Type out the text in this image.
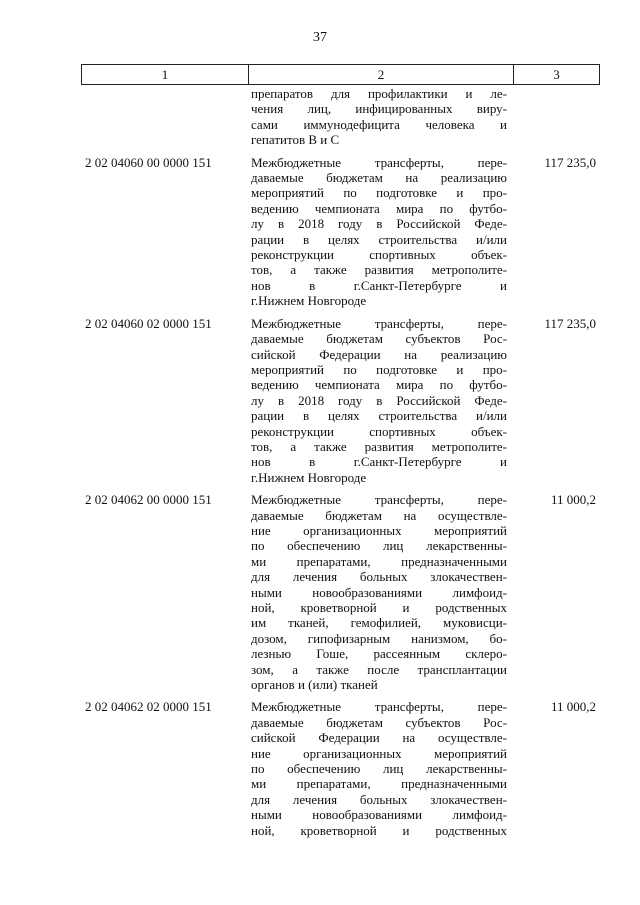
37
1	2	3
препаратов для профилактики и ле-
чения лиц, инфицированных виру-
сами иммунодефицита человека и
гепатитов B и C
2 02 04060 00 0000 151	Межбюджетные трансферты, пере-
даваемые бюджетам на реализацию
мероприятий по подготовке и про-
ведению чемпионата мира по футбо-
лу в 2018 году в Российской Феде-
рации в целях строительства и/или
реконструкции спортивных объек-
тов, а также развития метрополите-
нов в г.Санкт-Петербурге и
г.Нижнем Новгороде
117 235,0
2 02 04060 02 0000 151	Межбюджетные трансферты, пере-
даваемые бюджетам субъектов Рос-
сийской Федерации на реализацию
мероприятий по подготовке и про-
ведению чемпионата мира по футбо-
лу в 2018 году в Российской Феде-
рации в целях строительства и/или
реконструкции спортивных объек-
тов, а также развития метрополите-
нов в г.Санкт-Петербурге и
г.Нижнем Новгороде
117 235,0
2 02 04062 00 0000 151	Межбюджетные трансферты, пере-
даваемые бюджетам на осуществле-
ние организационных мероприятий
по обеспечению лиц лекарственны-
ми препаратами, предназначенными
для лечения больных злокачествен-
ными новообразованиями лимфоид-
ной, кроветворной и родственных
им тканей, гемофилией, муковисци-
дозом, гипофизарным нанизмом, бо-
лезнью Гоше, рассеянным склеро-
зом, а также после трансплантации
органов и (или) тканей
11 000,2
2 02 04062 02 0000 151	Межбюджетные трансферты, пере-
даваемые бюджетам субъектов Рос-
сийской Федерации на осуществле-
ние организационных мероприятий
по обеспечению лиц лекарственны-
ми препаратами, предназначенными
для лечения больных злокачествен-
ными новообразованиями лимфоид-
ной, кроветворной и родственных
11 000,2
